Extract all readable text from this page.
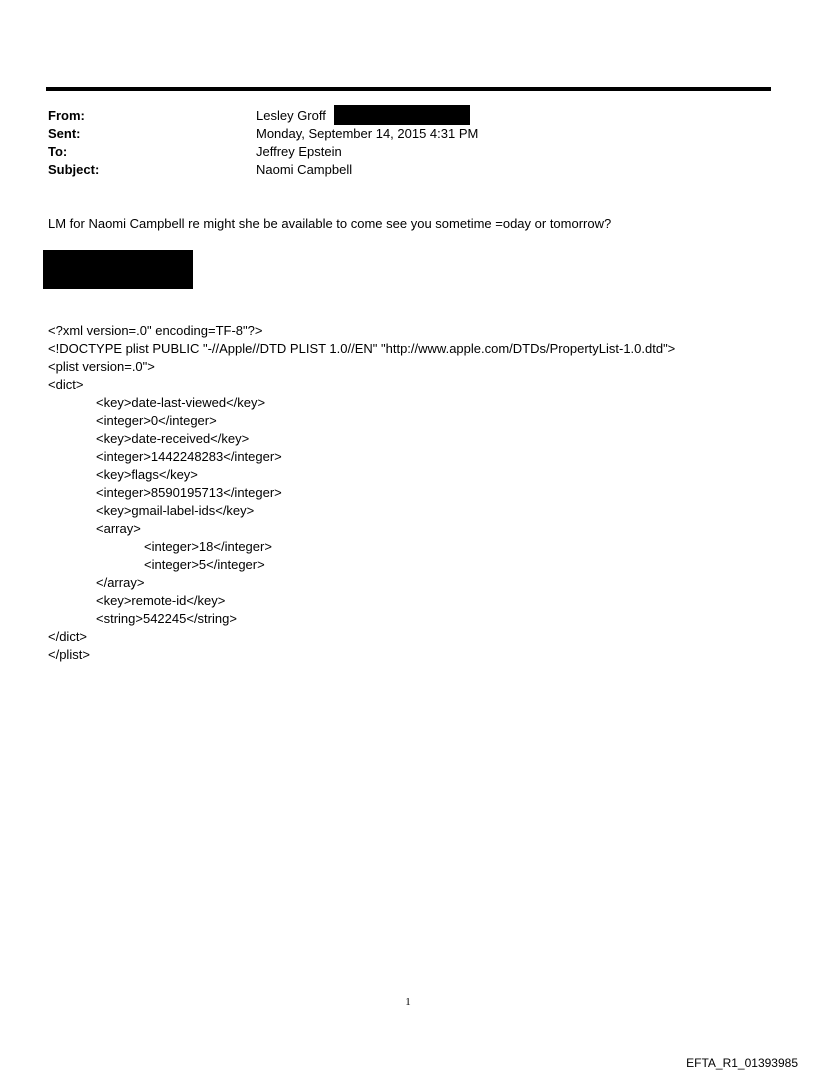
From:	Lesley Groff
Sent:	Monday, September 14, 2015 4:31 PM
To:	Jeffrey Epstein
Subject:	Naomi Campbell
LM for Naomi Campbell re might she be available to come see you sometime =oday or tomorrow?
<?xml version=.0" encoding=TF-8"?>
<!DOCTYPE plist PUBLIC "-//Apple//DTD PLIST 1.0//EN" "http://www.apple.com/DTDs/PropertyList-1.0.dtd">
<plist version=.0">
<dict>
<key>date-last-viewed</key>
<integer>0</integer>
<key>date-received</key>
<integer>1442248283</integer>
<key>flags</key>
<integer>8590195713</integer>
<key>gmail-label-ids</key>
<array>
<integer>18</integer>
<integer>5</integer>
</array>
<key>remote-id</key>
<string>542245</string>
</dict>
</plist>
1
EFTA_R1_01393985
